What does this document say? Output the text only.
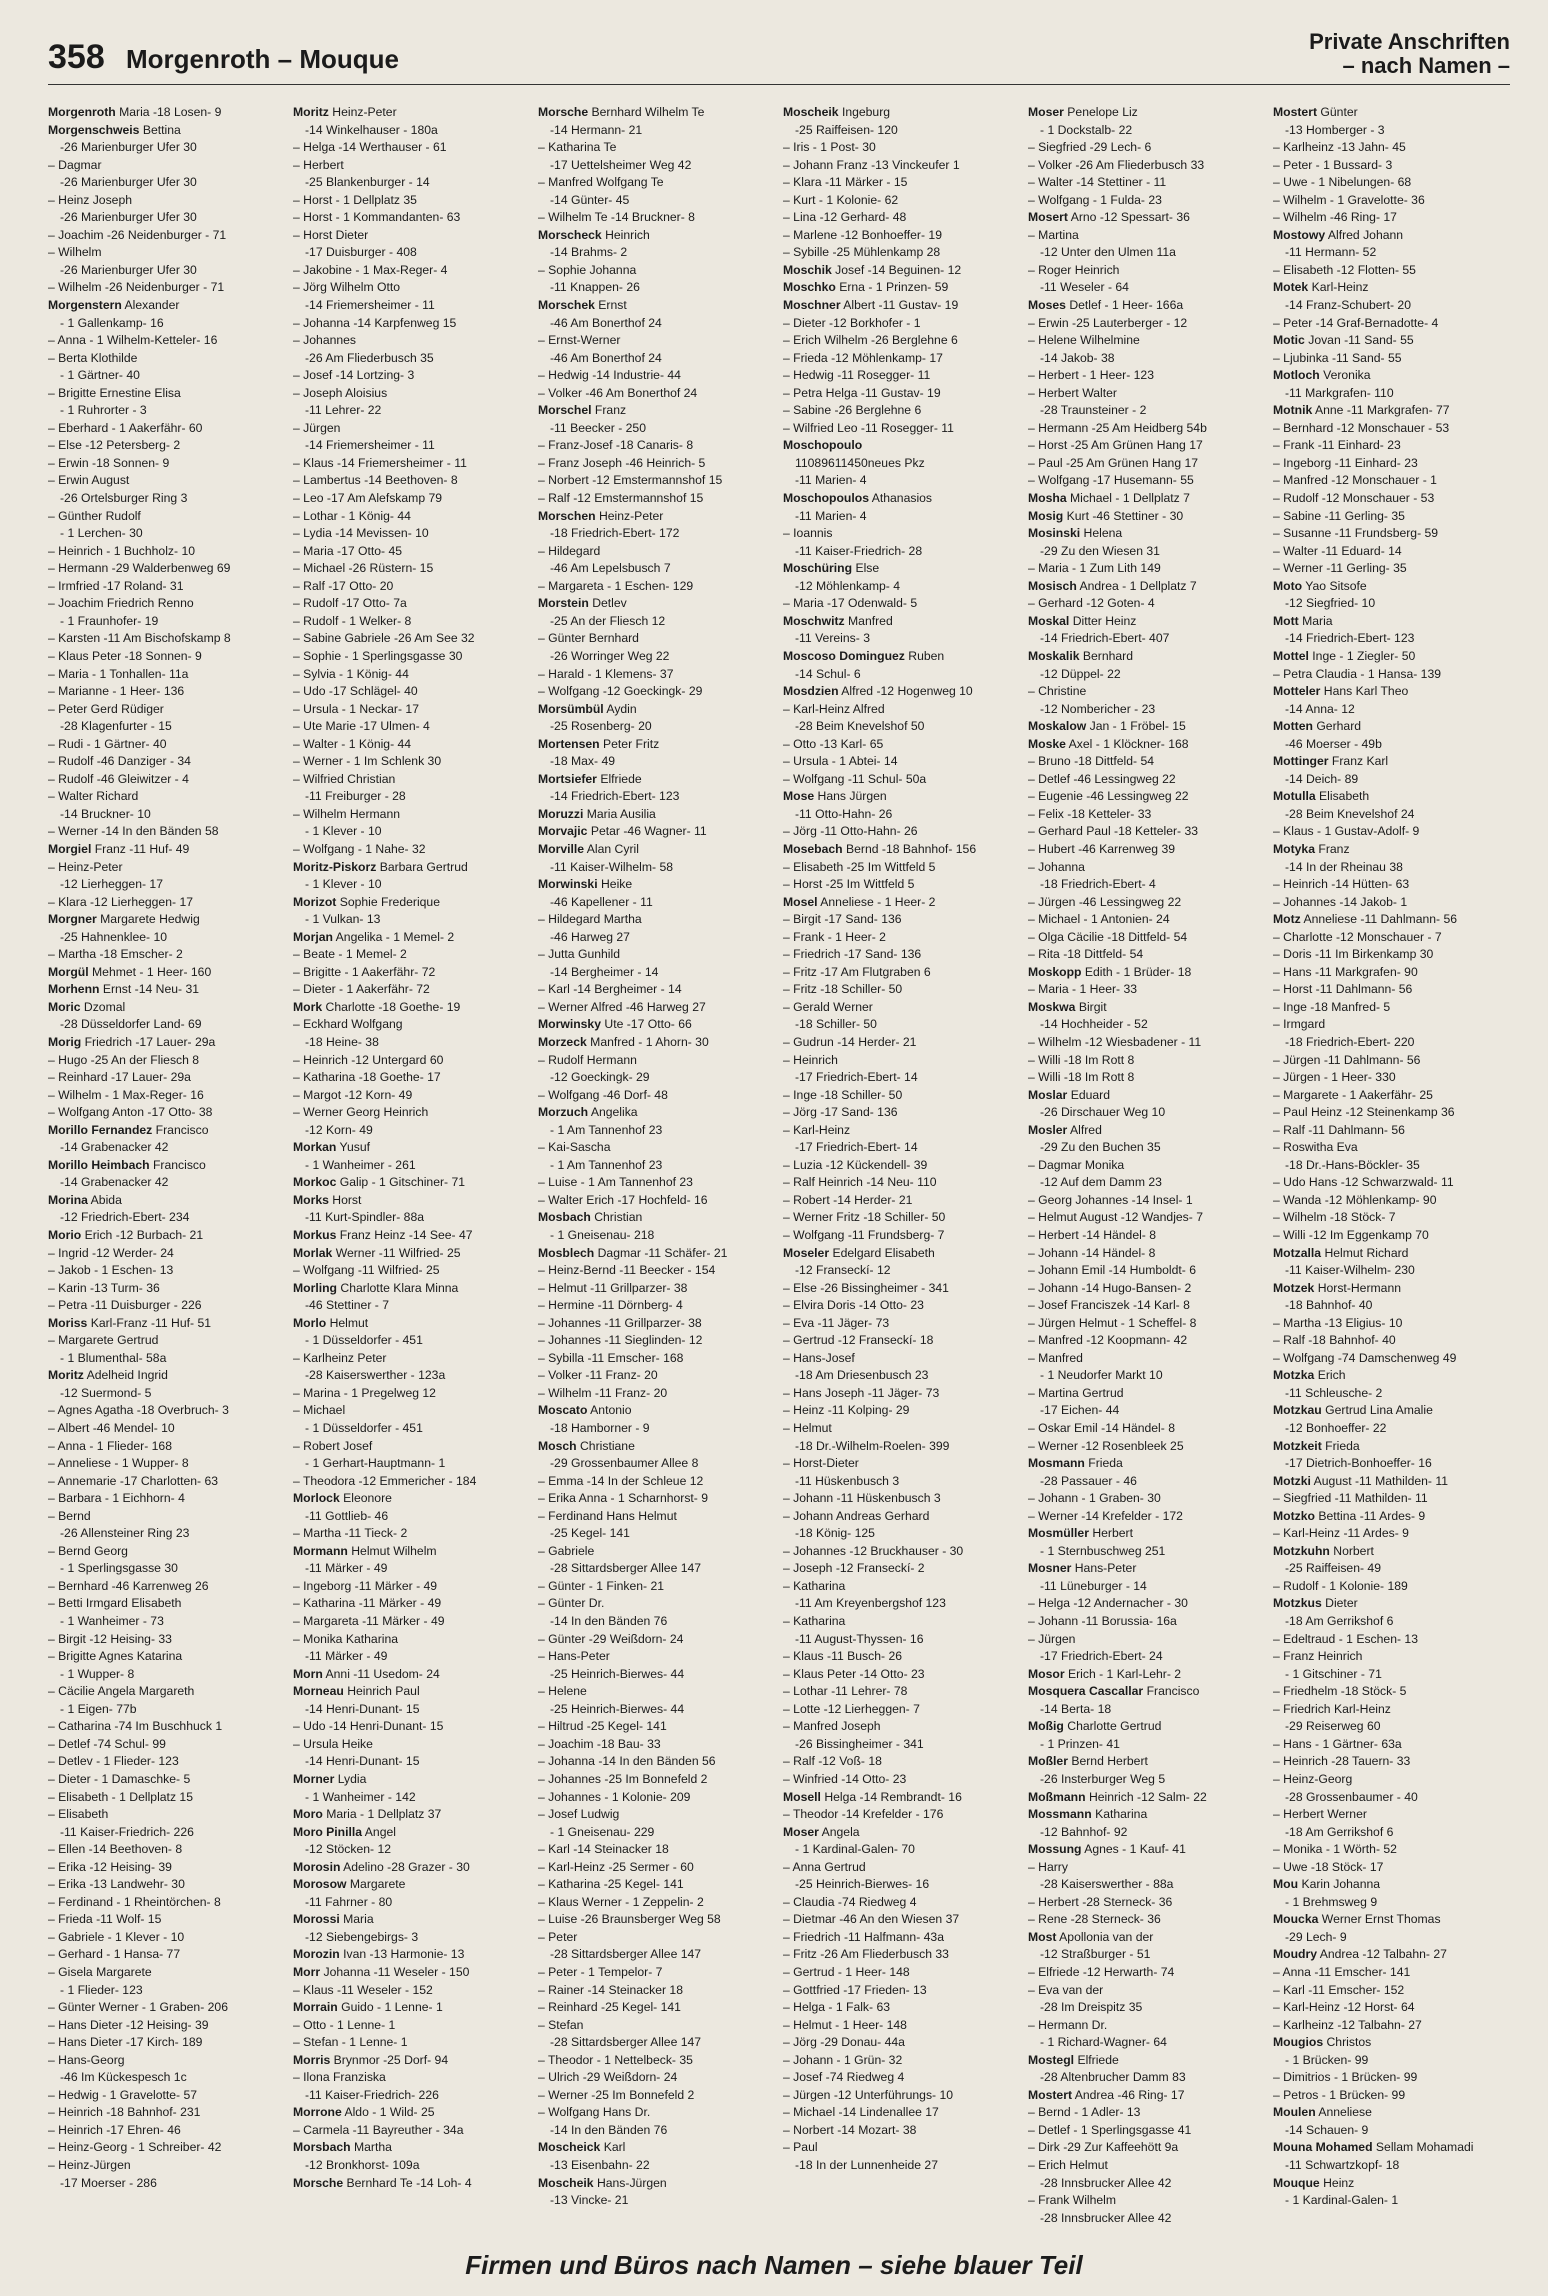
358 Morgenroth – Mouque
Private Anschriften
– nach Namen –
Morgenroth Maria -18 Losen- 9
Morgenschweis Bettina
-26 Marienburger Ufer 30
– Dagmar
-26 Marienburger Ufer 30
– Heinz Joseph
-26 Marienburger Ufer 30
– Joachim -26 Neidenburger - 71
– Wilhelm
-26 Marienburger Ufer 30
– Wilhelm -26 Neidenburger - 71
Morgenstern Alexander
- 1 Gallenkamp- 16
– Anna - 1 Wilhelm-Ketteler- 16
– Berta Klothilde
- 1 Gärtner- 40
– Brigitte Ernestine Elisa
- 1 Ruhrorter - 3
– Eberhard - 1 Aakerfähr- 60
– Else -12 Petersberg- 2
– Erwin -18 Sonnen- 9
– Erwin August
-26 Ortelsburger Ring 3
– Günther Rudolf
- 1 Lerchen- 30
– Heinrich - 1 Buchholz- 10
– Hermann -29 Walderbenweg 69
– Irmfried -17 Roland- 31
– Joachim Friedrich Renno
- 1 Fraunhofer- 19
– Karsten -11 Am Bischofskamp 8
– Klaus Peter -18 Sonnen- 9
– Maria - 1 Tonhallen- 11a
– Marianne - 1 Heer- 136
– Peter Gerd Rüdiger
-28 Klagenfurter - 15
– Rudi - 1 Gärtner- 40
– Rudolf -46 Danziger - 34
– Rudolf -46 Gleiwitzer - 4
– Walter Richard
-14 Bruckner- 10
– Werner -14 In den Bänden 58
Morgiel Franz -11 Huf- 49
– Heinz-Peter
-12 Lierheggen- 17
– Klara -12 Lierheggen- 17
Morgner Margarete Hedwig
-25 Hahnenklee- 10
– Martha -18 Emscher- 2
Morgül Mehmet - 1 Heer- 160
Morhenn Ernst -14 Neu- 31
Moric Dzomal
-28 Düsseldorfer Land- 69
Morig Friedrich -17 Lauer- 29a
– Hugo -25 An der Fliesch 8
– Reinhard -17 Lauer- 29a
– Wilhelm - 1 Max-Reger- 16
– Wolfgang Anton -17 Otto- 38
Morillo Fernandez Francisco
-14 Grabenacker 42
Morillo Heimbach Francisco
-14 Grabenacker 42
Morina Abida
-12 Friedrich-Ebert- 234
Morio Erich -12 Burbach- 21
– Ingrid -12 Werder- 24
– Jakob - 1 Eschen- 13
– Karin -13 Turm- 36
– Petra -11 Duisburger - 226
Moriss Karl-Franz -11 Huf- 51
– Margarete Gertrud
- 1 Blumenthal- 58a
Moritz Adelheid Ingrid
-12 Suermond- 5
– Agnes Agatha -18 Overbruch- 3
– Albert -46 Mendel- 10
– Anna - 1 Flieder- 168
– Anneliese - 1 Wupper- 8
– Annemarie -17 Charlotten- 63
– Barbara - 1 Eichhorn- 4
– Bernd
-26 Allensteiner Ring 23
– Bernd Georg
- 1 Sperlingsgasse 30
– Bernhard -46 Karrenweg 26
– Betti Irmgard Elisabeth
- 1 Wanheimer - 73
– Birgit -12 Heising- 33
– Brigitte Agnes Katarina
- 1 Wupper- 8
– Cäcilie Angela Margareth
- 1 Eigen- 77b
– Catharina -74 Im Buschhuck 1
– Detlef -74 Schul- 99
– Detlev - 1 Flieder- 123
– Dieter - 1 Damaschke- 5
– Elisabeth - 1 Dellplatz 15
– Elisabeth
-11 Kaiser-Friedrich- 226
– Ellen -14 Beethoven- 8
– Erika -12 Heising- 39
– Erika -13 Landwehr- 30
– Ferdinand - 1 Rheintörchen- 8
– Frieda -11 Wolf- 15
– Gabriele - 1 Klever - 10
– Gerhard - 1 Hansa- 77
– Gisela Margarete
- 1 Flieder- 123
– Günter Werner - 1 Graben- 206
– Hans Dieter -12 Heising- 39
– Hans Dieter -17 Kirch- 189
– Hans-Georg
-46 Im Kückespesch 1c
– Hedwig - 1 Gravelotte- 57
– Heinrich -18 Bahnhof- 231
– Heinrich -17 Ehren- 46
– Heinz-Georg - 1 Schreiber- 42
– Heinz-Jürgen
-17 Moerser - 286
Moritz Heinz-Peter
-14 Winkelhauser - 180a
– Helga -14 Werthauser - 61
– Herbert
-25 Blankenburger - 14
– Horst - 1 Dellplatz 35
– Horst - 1 Kommandanten- 63
– Horst Dieter
-17 Duisburger - 408
– Jakobine - 1 Max-Reger- 4
– Jörg Wilhelm Otto
-14 Friemersheimer - 11
– Johanna -14 Karpfenweg 15
– Johannes
-26 Am Fliederbusch 35
– Josef -14 Lortzing- 3
– Joseph Aloisius
-11 Lehrer- 22
– Jürgen
-14 Friemersheimer - 11
– Klaus -14 Friemersheimer - 11
– Lambertus -14 Beethoven- 8
– Leo -17 Am Alefskamp 79
– Lothar - 1 König- 44
– Lydia -14 Mevissen- 10
– Maria -17 Otto- 45
– Michael -26 Rüstern- 15
– Ralf -17 Otto- 20
– Rudolf -17 Otto- 7a
– Rudolf - 1 Welker- 8
– Sabine Gabriele -26 Am See 32
– Sophie - 1 Sperlingsgasse 30
– Sylvia - 1 König- 44
– Udo -17 Schlägel- 40
– Ursula - 1 Neckar- 17
– Ute Marie -17 Ulmen- 4
– Walter - 1 König- 44
– Werner - 1 Im Schlenk 30
– Wilfried Christian
-11 Freiburger - 28
– Wilhelm Hermann
- 1 Klever - 10
– Wolfgang - 1 Nahe- 32
Moritz-Piskorz Barbara Gertrud
- 1 Klever - 10
Morizot Sophie Frederique
- 1 Vulkan- 13
Morjan Angelika - 1 Memel- 2
– Beate - 1 Memel- 2
– Brigitte - 1 Aakerfähr- 72
– Dieter - 1 Aakerfähr- 72
Mork Charlotte -18 Goethe- 19
– Eckhard Wolfgang
-18 Heine- 38
– Heinrich -12 Untergard 60
– Katharina -18 Goethe- 17
– Margot -12 Korn- 49
– Werner Georg Heinrich
-12 Korn- 49
Morkan Yusuf
- 1 Wanheimer - 261
Morkoc Galip - 1 Gitschiner- 71
Morks Horst
-11 Kurt-Spindler- 88a
Morkus Franz Heinz -14 See- 47
Morlak Werner -11 Wilfried- 25
– Wolfgang -11 Wilfried- 25
Morling Charlotte Klara Minna
-46 Stettiner - 7
Morlo Helmut
- 1 Düsseldorfer - 451
– Karlheinz Peter
-28 Kaiserswerther - 123a
– Marina - 1 Pregelweg 12
– Michael
- 1 Düsseldorfer - 451
– Robert Josef
- 1 Gerhart-Hauptmann- 1
– Theodora -12 Emmericher - 184
Morlock Eleonore
-11 Gottlieb- 46
– Martha -11 Tieck- 2
Mormann Helmut Wilhelm
-11 Märker - 49
– Ingeborg -11 Märker - 49
– Katharina -11 Märker - 49
– Margareta -11 Märker - 49
– Monika Katharina
-11 Märker - 49
Morn Anni -11 Usedom- 24
Morneau Heinrich Paul
-14 Henri-Dunant- 15
– Udo -14 Henri-Dunant- 15
– Ursula Heike
-14 Henri-Dunant- 15
Morner Lydia
- 1 Wanheimer - 142
Moro Maria - 1 Dellplatz 37
Moro Pinilla Angel
-12 Stöcken- 12
Morosin Adelino -28 Grazer - 30
Morosow Margarete
-11 Fahrner - 80
Morossi Maria
-12 Siebengebirgs- 3
Morozin Ivan -13 Harmonie- 13
Morr Johanna -11 Weseler - 150
– Klaus -11 Weseler - 152
Morrain Guido - 1 Lenne- 1
– Otto - 1 Lenne- 1
– Stefan - 1 Lenne- 1
Morris Brynmor -25 Dorf- 94
– Ilona Franziska
-11 Kaiser-Friedrich- 226
Morrone Aldo - 1 Wild- 25
– Carmela -11 Bayreuther - 34a
Morsbach Martha
-12 Bronkhorst- 109a
Morsche Bernhard Te -14 Loh- 4
Morsche Bernhard Wilhelm Te
-14 Hermann- 21
– Katharina Te
-17 Uettelsheimer Weg 42
– Manfred Wolfgang Te
-14 Günter- 45
– Wilhelm Te -14 Bruckner- 8
Morscheck Heinrich
-14 Brahms- 2
– Sophie Johanna
-11 Knappen- 26
Morschek Ernst
-46 Am Bonerthof 24
– Ernst-Werner
-46 Am Bonerthof 24
– Hedwig -14 Industrie- 44
– Volker -46 Am Bonerthof 24
Morschel Franz
-11 Beecker - 250
– Franz-Josef -18 Canaris- 8
– Franz Joseph -46 Heinrich- 5
– Norbert -12 Emstermannshof 15
– Ralf -12 Emstermannshof 15
Morschen Heinz-Peter
-18 Friedrich-Ebert- 172
– Hildegard
-46 Am Lepelsbusch 7
– Margareta - 1 Eschen- 129
Morstein Detlev
-25 An der Fliesch 12
– Günter Bernhard
-26 Worringer Weg 22
– Harald - 1 Klemens- 37
– Wolfgang -12 Goeckingk- 29
Morsümbül Aydin
-25 Rosenberg- 20
Mortensen Peter Fritz
-18 Max- 49
Mortsiefer Elfriede
-14 Friedrich-Ebert- 123
Moruzzi Maria Ausilia
Morvajic Petar -46 Wagner- 11
Morville Alan Cyril
-11 Kaiser-Wilhelm- 58
Morwinski Heike
-46 Kapellener - 11
– Hildegard Martha
-46 Harweg 27
– Jutta Gunhild
-14 Bergheimer - 14
– Karl -14 Bergheimer - 14
– Werner Alfred -46 Harweg 27
Morwinsky Ute -17 Otto- 66
Morzeck Manfred - 1 Ahorn- 30
– Rudolf Hermann
-12 Goeckingk- 29
– Wolfgang -46 Dorf- 48
Morzuch Angelika
- 1 Am Tannenhof 23
– Kai-Sascha
- 1 Am Tannenhof 23
– Luise - 1 Am Tannenhof 23
– Walter Erich -17 Hochfeld- 16
Mosbach Christian
- 1 Gneisenau- 218
Mosblech Dagmar -11 Schäfer- 21
– Heinz-Bernd -11 Beecker - 154
– Helmut -11 Grillparzer- 38
– Hermine -11 Dörnberg- 4
– Johannes -11 Grillparzer- 38
– Johannes -11 Sieglinden- 12
– Sybilla -11 Emscher- 168
– Volker -11 Franz- 20
– Wilhelm -11 Franz- 20
Moscato Antonio
-18 Hamborner - 9
Mosch Christiane
-29 Grossenbaumer Allee 8
– Emma -14 In der Schleue 12
– Erika Anna - 1 Scharnhorst- 9
– Ferdinand Hans Helmut
-25 Kegel- 141
– Gabriele
-28 Sittardsberger Allee 147
– Günter - 1 Finken- 21
– Günter Dr.
-14 In den Bänden 76
– Günter -29 Weißdorn- 24
– Hans-Peter
-25 Heinrich-Bierwes- 44
– Helene
-25 Heinrich-Bierwes- 44
– Hiltrud -25 Kegel- 141
– Joachim -18 Bau- 33
– Johanna -14 In den Bänden 56
– Johannes -25 Im Bonnefeld 2
– Johannes - 1 Kolonie- 209
– Josef Ludwig
- 1 Gneisenau- 229
– Karl -14 Steinacker 18
– Karl-Heinz -25 Sermer - 60
– Katharina -25 Kegel- 141
– Klaus Werner - 1 Zeppelin- 2
– Luise -26 Braunsberger Weg 58
– Peter
-28 Sittardsberger Allee 147
– Peter - 1 Tempelor- 7
– Rainer -14 Steinacker 18
– Reinhard -25 Kegel- 141
– Stefan
-28 Sittardsberger Allee 147
– Theodor - 1 Nettelbeck- 35
– Ulrich -29 Weißdorn- 24
– Werner -25 Im Bonnefeld 2
– Wolfgang Hans Dr.
-14 In den Bänden 76
Moscheick Karl
-13 Eisenbahn- 22
Moscheik Hans-Jürgen
-13 Vincke- 21
Moscheik Ingeburg
-25 Raiffeisen- 120
– Iris - 1 Post- 30
– Johann Franz -13 Vinckeufer 1
– Klara -11 Märker - 15
– Kurt - 1 Kolonie- 62
– Lina -12 Gerhard- 48
– Marlene -12 Bonhoeffer- 19
– Sybille -25 Mühlenkamp 28
Moschik Josef -14 Beguinen- 12
Moschko Erna - 1 Prinzen- 59
Moschner Albert -11 Gustav- 19
– Dieter -12 Borkhofer - 1
– Erich Wilhelm -26 Berglehne 6
– Frieda -12 Möhlenkamp- 17
– Hedwig -11 Rosegger- 11
– Petra Helga -11 Gustav- 19
– Sabine -26 Berglehne 6
– Wilfried Leo -11 Rosegger- 11
Moschopoulo
11089611450neues Pkz
-11 Marien- 4
Moschopoulos Athanasios
-11 Marien- 4
– Ioannis
-11 Kaiser-Friedrich- 28
Moschüring Else
-12 Möhlenkamp- 4
– Maria -17 Odenwald- 5
Moschwitz Manfred
-11 Vereins- 3
Moscoso Dominguez Ruben
-14 Schul- 6
Mosdzien Alfred -12 Hogenweg 10
– Karl-Heinz Alfred
-28 Beim Knevelshof 50
– Otto -13 Karl- 65
– Ursula - 1 Abtei- 14
– Wolfgang -11 Schul- 50a
Mose Hans Jürgen
-11 Otto-Hahn- 26
– Jörg -11 Otto-Hahn- 26
Mosebach Bernd -18 Bahnhof- 156
– Elisabeth -25 Im Wittfeld 5
– Horst -25 Im Wittfeld 5
Mosel Anneliese - 1 Heer- 2
– Birgit -17 Sand- 136
– Frank - 1 Heer- 2
– Friedrich -17 Sand- 136
– Fritz -17 Am Flutgraben 6
– Fritz -18 Schiller- 50
– Gerald Werner
-18 Schiller- 50
– Gudrun -14 Herder- 21
– Heinrich
-17 Friedrich-Ebert- 14
– Inge -18 Schiller- 50
– Jörg -17 Sand- 136
– Karl-Heinz
-17 Friedrich-Ebert- 14
– Luzia -12 Kückendell- 39
– Ralf Heinrich -14 Neu- 110
– Robert -14 Herder- 21
– Werner Fritz -18 Schiller- 50
– Wolfgang -11 Frundsberg- 7
Moseler Edelgard Elisabeth
-12 Franseckí- 12
– Else -26 Bissingheimer - 341
– Elvira Doris -14 Otto- 23
– Eva -11 Jäger- 73
– Gertrud -12 Franseckí- 18
– Hans-Josef
-18 Am Driesenbusch 23
– Hans Joseph -11 Jäger- 73
– Heinz -11 Kolping- 29
– Helmut
-18 Dr.-Wilhelm-Roelen- 399
– Horst-Dieter
-11 Hüskenbusch 3
– Johann -11 Hüskenbusch 3
– Johann Andreas Gerhard
-18 König- 125
– Johannes -12 Bruckhauser - 30
– Joseph -12 Franseckí- 2
– Katharina
-11 Am Kreyenbergshof 123
– Katharina
-11 August-Thyssen- 16
– Klaus -11 Busch- 26
– Klaus Peter -14 Otto- 23
– Lothar -11 Lehrer- 78
– Lotte -12 Lierheggen- 7
– Manfred Joseph
-26 Bissingheimer - 341
– Ralf -12 Voß- 18
– Winfried -14 Otto- 23
Mosell Helga -14 Rembrandt- 16
– Theodor -14 Krefelder - 176
Moser Angela
- 1 Kardinal-Galen- 70
– Anna Gertrud
-25 Heinrich-Bierwes- 16
– Claudia -74 Riedweg 4
– Dietmar -46 An den Wiesen 37
– Friedrich -11 Halfmann- 43a
– Fritz -26 Am Fliederbusch 33
– Gertrud - 1 Heer- 148
– Gottfried -17 Frieden- 13
– Helga - 1 Falk- 63
– Helmut - 1 Heer- 148
– Jörg -29 Donau- 44a
– Johann - 1 Grün- 32
– Josef -74 Riedweg 4
– Jürgen -12 Unterführungs- 10
– Michael -14 Lindenallee 17
– Norbert -14 Mozart- 38
– Paul
-18 In der Lunnenheide 27
Moser Penelope Liz
- 1 Dockstalb- 22
– Siegfried -29 Lech- 6
– Volker -26 Am Fliederbusch 33
– Walter -14 Stettiner - 11
– Wolfgang - 1 Fulda- 23
Mosert Arno -12 Spessart- 36
– Martina
-12 Unter den Ulmen 11a
– Roger Heinrich
-11 Weseler - 64
Moses Detlef - 1 Heer- 166a
– Erwin -25 Lauterberger - 12
– Helene Wilhelmine
-14 Jakob- 38
– Herbert - 1 Heer- 123
– Herbert Walter
-28 Traunsteiner - 2
– Hermann -25 Am Heidberg 54b
– Horst -25 Am Grünen Hang 17
– Paul -25 Am Grünen Hang 17
– Wolfgang -17 Husemann- 55
Mosha Michael - 1 Dellplatz 7
Mosig Kurt -46 Stettiner - 30
Mosinski Helena
-29 Zu den Wiesen 31
– Maria - 1 Zum Lith 149
Mosisch Andrea - 1 Dellplatz 7
– Gerhard -12 Goten- 4
Moskal Ditter Heinz
-14 Friedrich-Ebert- 407
Moskalik Bernhard
-12 Düppel- 22
– Christine
-12 Nombericher - 23
Moskalow Jan - 1 Fröbel- 15
Moske Axel - 1 Klöckner- 168
– Bruno -18 Dittfeld- 54
– Detlef -46 Lessingweg 22
– Eugenie -46 Lessingweg 22
– Felix -18 Ketteler- 33
– Gerhard Paul -18 Ketteler- 33
– Hubert -46 Karrenweg 39
– Johanna
-18 Friedrich-Ebert- 4
– Jürgen -46 Lessingweg 22
– Michael - 1 Antonien- 24
– Olga Cäcilie -18 Dittfeld- 54
– Rita -18 Dittfeld- 54
Moskopp Edith - 1 Brüder- 18
– Maria - 1 Heer- 33
Moskwa Birgit
-14 Hochheider - 52
– Wilhelm -12 Wiesbadener - 11
– Willi -18 Im Rott 8
– Willi -18 Im Rott 8
Moslar Eduard
-26 Dirschauer Weg 10
Mosler Alfred
-29 Zu den Buchen 35
– Dagmar Monika
-12 Auf dem Damm 23
– Georg Johannes -14 Insel- 1
– Helmut August -12 Wandjes- 7
– Herbert -14 Händel- 8
– Johann -14 Händel- 8
– Johann Emil -14 Humboldt- 6
– Johann -14 Hugo-Bansen- 2
– Josef Franciszek -14 Karl- 8
– Jürgen Helmut - 1 Scheffel- 8
– Manfred -12 Koopmann- 42
– Manfred
- 1 Neudorfer Markt 10
– Martina Gertrud
-17 Eichen- 44
– Oskar Emil -14 Händel- 8
– Werner -12 Rosenbleek 25
Mosmann Frieda
-28 Passauer - 46
– Johann - 1 Graben- 30
– Werner -14 Krefelder - 172
Mosmüller Herbert
- 1 Sternbuschweg 251
Mosner Hans-Peter
-11 Lüneburger - 14
– Helga -12 Andernacher - 30
– Johann -11 Borussia- 16a
– Jürgen
-17 Friedrich-Ebert- 24
Mosor Erich - 1 Karl-Lehr- 2
Mosquera Cascallar Francisco
-14 Berta- 18
Moßig Charlotte Gertrud
- 1 Prinzen- 41
Moßler Bernd Herbert
-26 Insterburger Weg 5
Moßmann Heinrich -12 Salm- 22
Mossmann Katharina
-12 Bahnhof- 92
Mossung Agnes - 1 Kauf- 41
– Harry
-28 Kaiserswerther - 88a
– Herbert -28 Sterneck- 36
– Rene -28 Sterneck- 36
Most Apollonia van der
-12 Straßburger - 51
– Elfriede -12 Herwarth- 74
– Eva van der
-28 Im Dreispitz 35
– Hermann Dr.
- 1 Richard-Wagner- 64
Mostegl Elfriede
-28 Altenbrucher Damm 83
Mostert Andrea -46 Ring- 17
– Bernd - 1 Adler- 13
– Detlef - 1 Sperlingsgasse 41
– Dirk -29 Zur Kaffeehött 9a
– Erich Helmut
-28 Innsbrucker Allee 42
– Frank Wilhelm
-28 Innsbrucker Allee 42
Mostert Günter
-13 Homberger - 3
– Karlheinz -13 Jahn- 45
– Peter - 1 Bussard- 3
– Uwe - 1 Nibelungen- 68
– Wilhelm - 1 Gravelotte- 36
– Wilhelm -46 Ring- 17
Mostowy Alfred Johann
-11 Hermann- 52
– Elisabeth -12 Flotten- 55
Motek Karl-Heinz
-14 Franz-Schubert- 20
– Peter -14 Graf-Bernadotte- 4
Motic Jovan -11 Sand- 55
– Ljubinka -11 Sand- 55
Motloch Veronika
-11 Markgrafen- 110
Motnik Anne -11 Markgrafen- 77
– Bernhard -12 Monschauer - 53
– Frank -11 Einhard- 23
– Ingeborg -11 Einhard- 23
– Manfred -12 Monschauer - 1
– Rudolf -12 Monschauer - 53
– Sabine -11 Gerling- 35
– Susanne -11 Frundsberg- 59
– Walter -11 Eduard- 14
– Werner -11 Gerling- 35
Moto Yao Sitsofe
-12 Siegfried- 10
Mott Maria
-14 Friedrich-Ebert- 123
Mottel Inge - 1 Ziegler- 50
– Petra Claudia - 1 Hansa- 139
Motteler Hans Karl Theo
-14 Anna- 12
Motten Gerhard
-46 Moerser - 49b
Mottinger Franz Karl
-14 Deich- 89
Motulla Elisabeth
-28 Beim Knevelshof 24
– Klaus - 1 Gustav-Adolf- 9
Motyka Franz
-14 In der Rheinau 38
– Heinrich -14 Hütten- 63
– Johannes -14 Jakob- 1
Motz Anneliese -11 Dahlmann- 56
– Charlotte -12 Monschauer - 7
– Doris -11 Im Birkenkamp 30
– Hans -11 Markgrafen- 90
– Horst -11 Dahlmann- 56
– Inge -18 Manfred- 5
– Irmgard
-18 Friedrich-Ebert- 220
– Jürgen -11 Dahlmann- 56
– Jürgen - 1 Heer- 330
– Margarete - 1 Aakerfähr- 25
– Paul Heinz -12 Steinenkamp 36
– Ralf -11 Dahlmann- 56
– Roswitha Eva
-18 Dr.-Hans-Böckler- 35
– Udo Hans -12 Schwarzwald- 11
– Wanda -12 Möhlenkamp- 90
– Wilhelm -18 Stöck- 7
– Willi -12 Im Eggenkamp 70
Motzalla Helmut Richard
-11 Kaiser-Wilhelm- 230
Motzek Horst-Hermann
-18 Bahnhof- 40
– Martha -13 Eligius- 10
– Ralf -18 Bahnhof- 40
– Wolfgang -74 Damschenweg 49
Motzka Erich
-11 Schleusche- 2
Motzkau Gertrud Lina Amalie
-12 Bonhoeffer- 22
Motzkeit Frieda
-17 Dietrich-Bonhoeffer- 16
Motzki August -11 Mathilden- 11
– Siegfried -11 Mathilden- 11
Motzko Bettina -11 Ardes- 9
– Karl-Heinz -11 Ardes- 9
Motzkuhn Norbert
-25 Raiffeisen- 49
– Rudolf - 1 Kolonie- 189
Motzkus Dieter
-18 Am Gerrikshof 6
– Edeltraud - 1 Eschen- 13
– Franz Heinrich
- 1 Gitschiner - 71
– Friedhelm -18 Stöck- 5
– Friedrich Karl-Heinz
-29 Reiserweg 60
– Hans - 1 Gärtner- 63a
– Heinrich -28 Tauern- 33
– Heinz-Georg
-28 Grossenbaumer - 40
– Herbert Werner
-18 Am Gerrikshof 6
– Monika - 1 Wörth- 52
– Uwe -18 Stöck- 17
Mou Karin Johanna
- 1 Brehmsweg 9
Moucka Werner Ernst Thomas
-29 Lech- 9
Moudry Andrea -12 Talbahn- 27
– Anna -11 Emscher- 141
– Karl -11 Emscher- 152
– Karl-Heinz -12 Horst- 64
– Karlheinz -12 Talbahn- 27
Mougios Christos
- 1 Brücken- 99
– Dimitrios - 1 Brücken- 99
– Petros - 1 Brücken- 99
Moulen Anneliese
-14 Schauen- 9
Mouna Mohamed Sellam Mohamadi
-11 Schwartzkopf- 18
Mouque Heinz
- 1 Kardinal-Galen- 1
Firmen und Büros nach Namen – siehe blauer Teil
